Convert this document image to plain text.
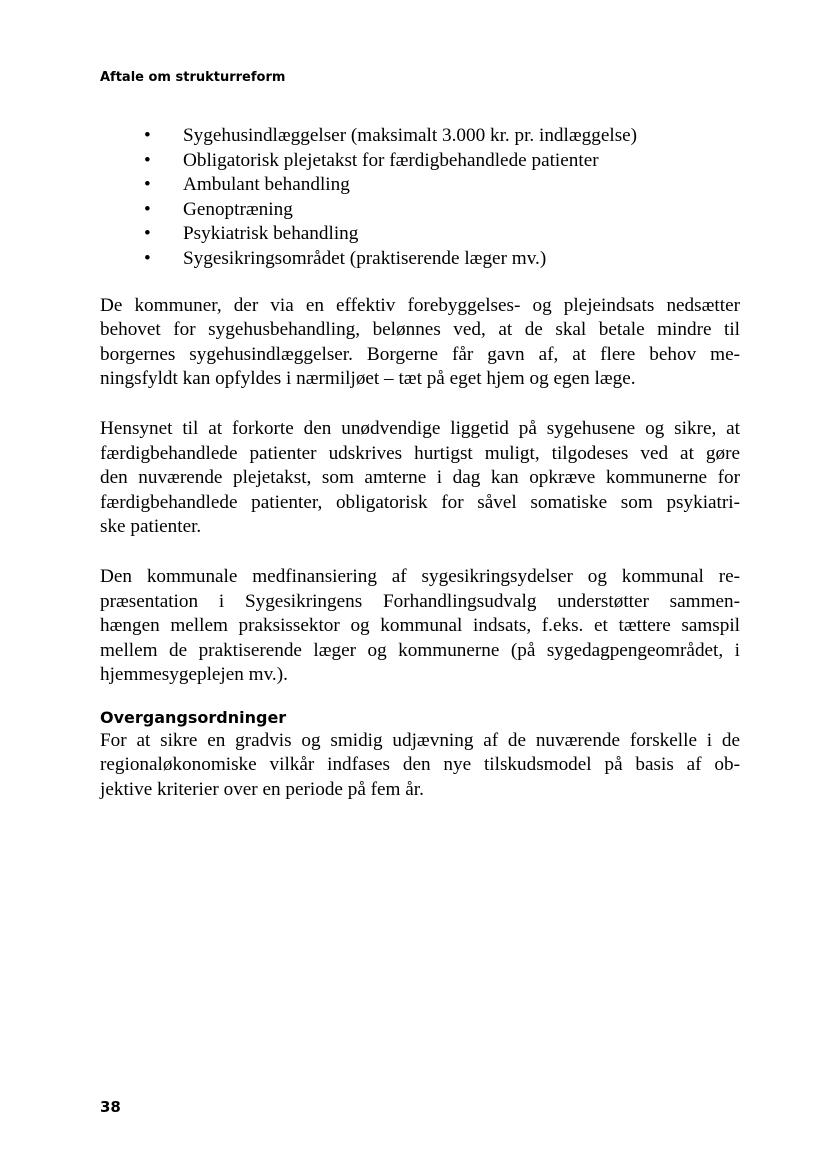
Aftale om strukturreform
• Sygehusindlæggelser (maksimalt 3.000 kr. pr. indlæggelse)
• Obligatorisk plejetakst for færdigbehandlede patienter
• Ambulant behandling
• Genoptræning
• Psykiatrisk behandling
• Sygesikringsområdet (praktiserende læger mv.)
De kommuner, der via en effektiv forebyggelses- og plejeindsats nedsætter
behovet for sygehusbehandling, belønnes ved, at de skal betale mindre til
borgernes sygehusindlæggelser. Borgerne får gavn af, at flere behov me-
ningsfyldt kan opfyldes i nærmiljøet – tæt på eget hjem og egen læge.
Hensynet til at forkorte den unødvendige liggetid på sygehusene og sikre, at
færdigbehandlede patienter udskrives hurtigst muligt, tilgodeses ved at gøre
den nuværende plejetakst, som amterne i dag kan opkræve kommunerne for
færdigbehandlede patienter, obligatorisk for såvel somatiske som psykiatri-
ske patienter.
Den kommunale medfinansiering af sygesikringsydelser og kommunal re-
præsentation i Sygesikringens Forhandlingsudvalg understøtter sammen-
hængen mellem praksissektor og kommunal indsats, f.eks. et tættere samspil
mellem de praktiserende læger og kommunerne (på sygedagpengeområdet, i
hjemmesygeplejen mv.).
Overgangsordninger
For at sikre en gradvis og smidig udjævning af de nuværende forskelle i de
regionaløkonomiske vilkår indfases den nye tilskudsmodel på basis af ob-
jektive kriterier over en periode på fem år.
38
